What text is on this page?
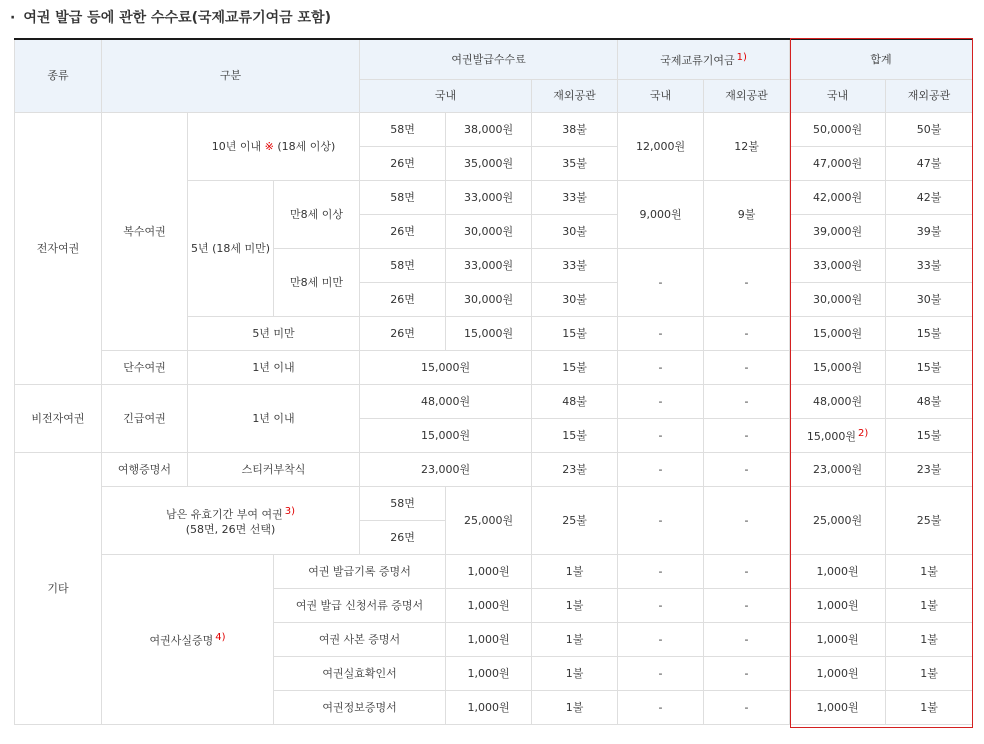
· 여권 발급 등에 관한 수수료(국제교류기여금 포함)
종류	구분			여권발급수수료			국제교류기여금 $^{1)}$		합계	
				국내		재외공관	국내	재외공관	국내	재외공관
전자여권	복수여권	10년 이내 ※ (18세 이상)		58면	38,000원	38불	12,000원	12불	50,000원	50불
				26면	35,000원	35불			47,000원	47불
		5년 (18세 미만)	만8세 이상	58면	33,000원	33불	9,000원	9불	42,000원	42불
				26면	30,000원	30불			39,000원	39불
			만8세 미만	58면	33,000원	33불	-	-	33,000원	33불
				26면	30,000원	30불			30,000원	30불
		5년 미만		26면	15,000원	15불	-	-	15,000원	15불
	단수여권	1년 이내		15,000원		15불	-	-	15,000원	15불
비전자여권	긴급여권	1년 이내		48,000원		48불	-	-	48,000원	48불
				15,000원		15불	-	-	15,000원 $^{2)}$	15불
기타	여행증명서	스티커부착식		23,000원		23불	-	-	23,000원	23불
	남은 유효기간 부여 여권 $^{3)}$
(58면, 26면 선택)			58면	25,000원	25불	-	-	25,000원	25불
				26면						
	여권사실증명 $^{4)}$		여권 발급기록 증명서		1,000원	1불	-	-	1,000원	1불
			여권 발급 신청서류 증명서		1,000원	1불	-	-	1,000원	1불
			여권 사본 증명서		1,000원	1불	-	-	1,000원	1불
			여권실효확인서		1,000원	1불	-	-	1,000원	1불
			여권정보증명서		1,000원	1불	-	-	1,000원	1불
